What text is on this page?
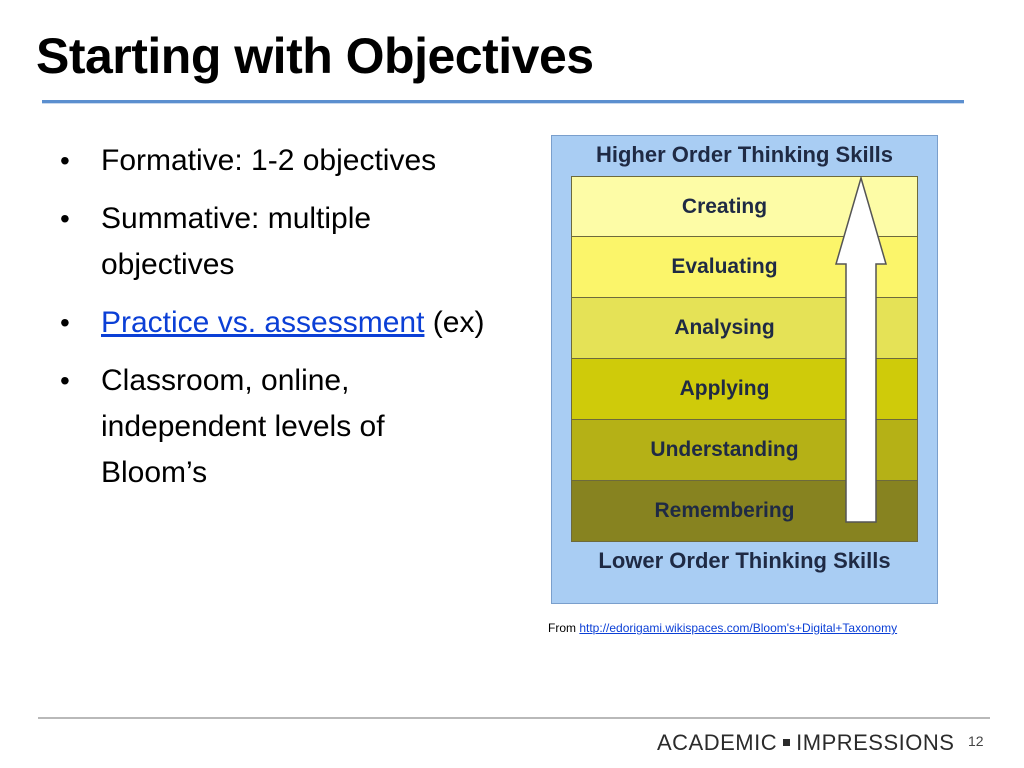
Starting with Objectives
• Formative: 1-2 objectives
• Summative: multiple objectives
• Practice vs. assessment (ex)
• Classroom, online, independent levels of Bloom’s
Higher Order Thinking Skills
Creating
Evaluating
Analysing
Applying
Understanding
Remembering
Lower Order Thinking Skills
From http://edorigami.wikispaces.com/Bloom's+Digital+Taxonomy
ACADEMIC IMPRESSIONS 12
